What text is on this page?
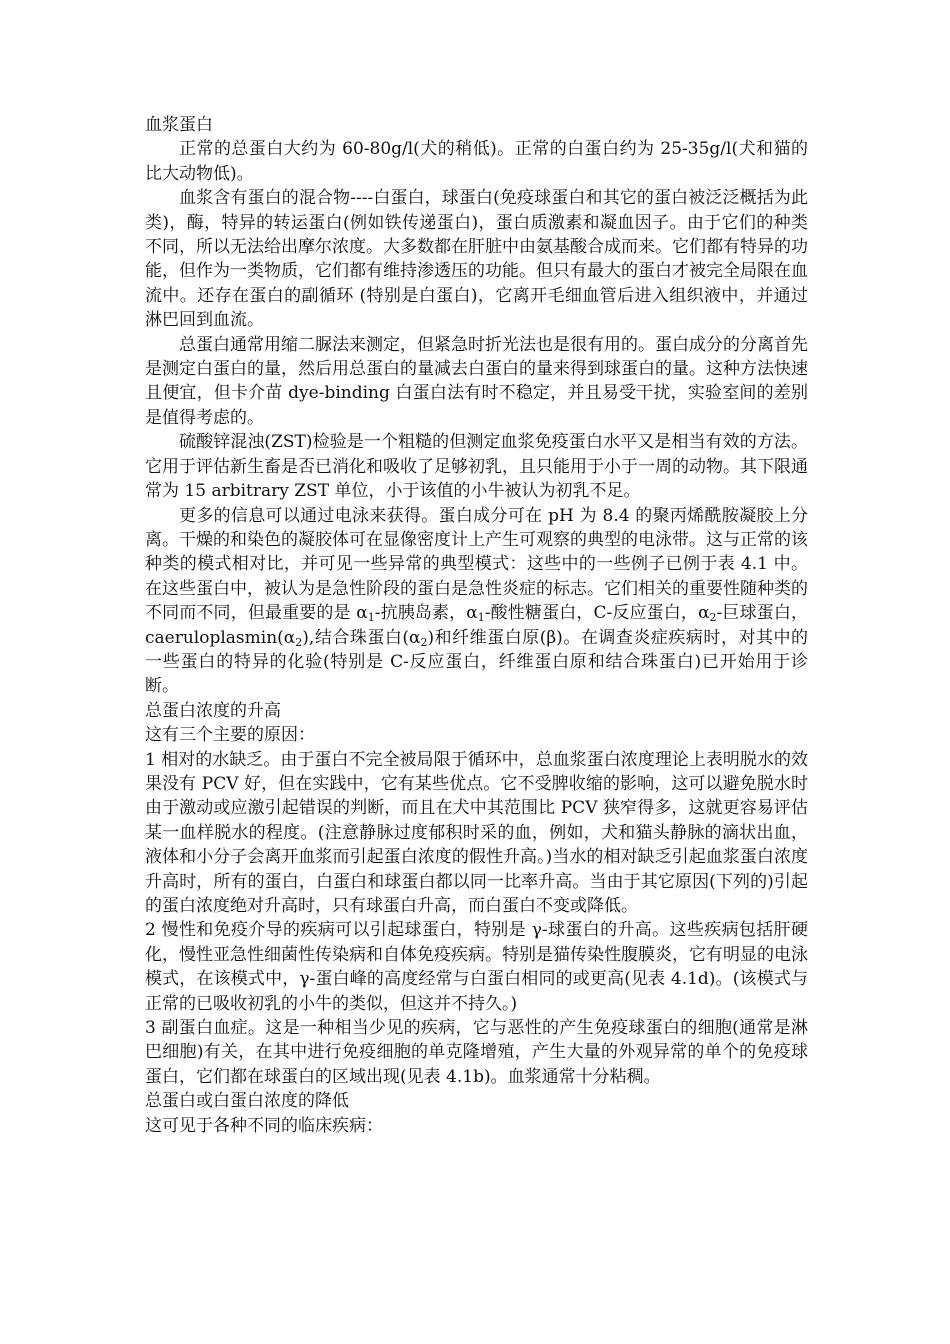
血浆蛋白

正常的总蛋白大约为 60-80g/l(犬的稍低)。正常的白蛋白约为 25-35g/l(犬和猫的比大动物低)。

血浆含有蛋白的混合物----白蛋白，球蛋白(免疫球蛋白和其它的蛋白被泛泛概括为此类)，酶，特异的转运蛋白(例如铁传递蛋白)，蛋白质激素和凝血因子。由于它们的种类不同，所以无法给出摩尔浓度。大多数都在肝脏中由氨基酸合成而来。它们都有特异的功能，但作为一类物质，它们都有维持渗透压的功能。但只有最大的蛋白才被完全局限在血流中。还存在蛋白的副循环 (特别是白蛋白)，它离开毛细血管后进入组织液中，并通过淋巴回到血流。

总蛋白通常用缩二脲法来测定，但紧急时折光法也是很有用的。蛋白成分的分离首先是测定白蛋白的量，然后用总蛋白的量减去白蛋白的量来得到球蛋白的量。这种方法快速且便宜，但卡介苗 dye-binding 白蛋白法有时不稳定，并且易受干扰，实验室间的差别是值得考虑的。

硫酸锌混浊(ZST)检验是一个粗糙的但测定血浆免疫蛋白水平又是相当有效的方法。它用于评估新生畜是否已消化和吸收了足够初乳，且只能用于小于一周的动物。其下限通常为 15 arbitrary ZST 单位，小于该值的小牛被认为初乳不足。

更多的信息可以通过电泳来获得。蛋白成分可在 pH 为 8.4 的聚丙烯酰胺凝胶上分离。干燥的和染色的凝胶体可在显像密度计上产生可观察的典型的电泳带。这与正常的该种类的模式相对比，并可见一些异常的典型模式：这些中的一些例子已例于表 4.1 中。在这些蛋白中，被认为是急性阶段的蛋白是急性炎症的标志。它们相关的重要性随种类的不同而不同，但最重要的是 $\alpha_1-$抗胰岛素，$\alpha_1-$酸性糖蛋白，C-反应蛋白，$\alpha_2-$巨球蛋白，$caeruloplasmin(\alpha_2)$,结合珠蛋白$(\alpha_2)$和纤维蛋白原(β)。在调查炎症疾病时，对其中的一些蛋白的特异的化验(特别是 C-反应蛋白，纤维蛋白原和结合珠蛋白)已开始用于诊断。

总蛋白浓度的升高

这有三个主要的原因：

1 相对的水缺乏。由于蛋白不完全被局限于循环中，总血浆蛋白浓度理论上表明脱水的效果没有 PCV 好，但在实践中，它有某些优点。它不受脾收缩的影响，这可以避免脱水时由于激动或应激引起错误的判断，而且在犬中其范围比 PCV 狭窄得多，这就更容易评估某一血样脱水的程度。(注意静脉过度郁积时采的血，例如，犬和猫头静脉的滴状出血，液体和小分子会离开血浆而引起蛋白浓度的假性升高。)当水的相对缺乏引起血浆蛋白浓度升高时，所有的蛋白，白蛋白和球蛋白都以同一比率升高。当由于其它原因(下列的)引起的蛋白浓度绝对升高时，只有球蛋白升高，而白蛋白不变或降低。

2 慢性和免疫介导的疾病可以引起球蛋白，特别是 γ-球蛋白的升高。这些疾病包括肝硬化，慢性亚急性细菌性传染病和自体免疫疾病。特别是猫传染性腹膜炎，它有明显的电泳模式，在该模式中，γ-蛋白峰的高度经常与白蛋白相同的或更高(见表 4.1d)。(该模式与正常的已吸收初乳的小牛的类似，但这并不持久。)

3 副蛋白血症。这是一种相当少见的疾病，它与恶性的产生免疫球蛋白的细胞(通常是淋巴细胞)有关，在其中进行免疫细胞的单克隆增殖，产生大量的外观异常的单个的免疫球蛋白，它们都在球蛋白的区域出现(见表 4.1b)。血浆通常十分粘稠。

总蛋白或白蛋白浓度的降低

这可见于各种不同的临床疾病：
